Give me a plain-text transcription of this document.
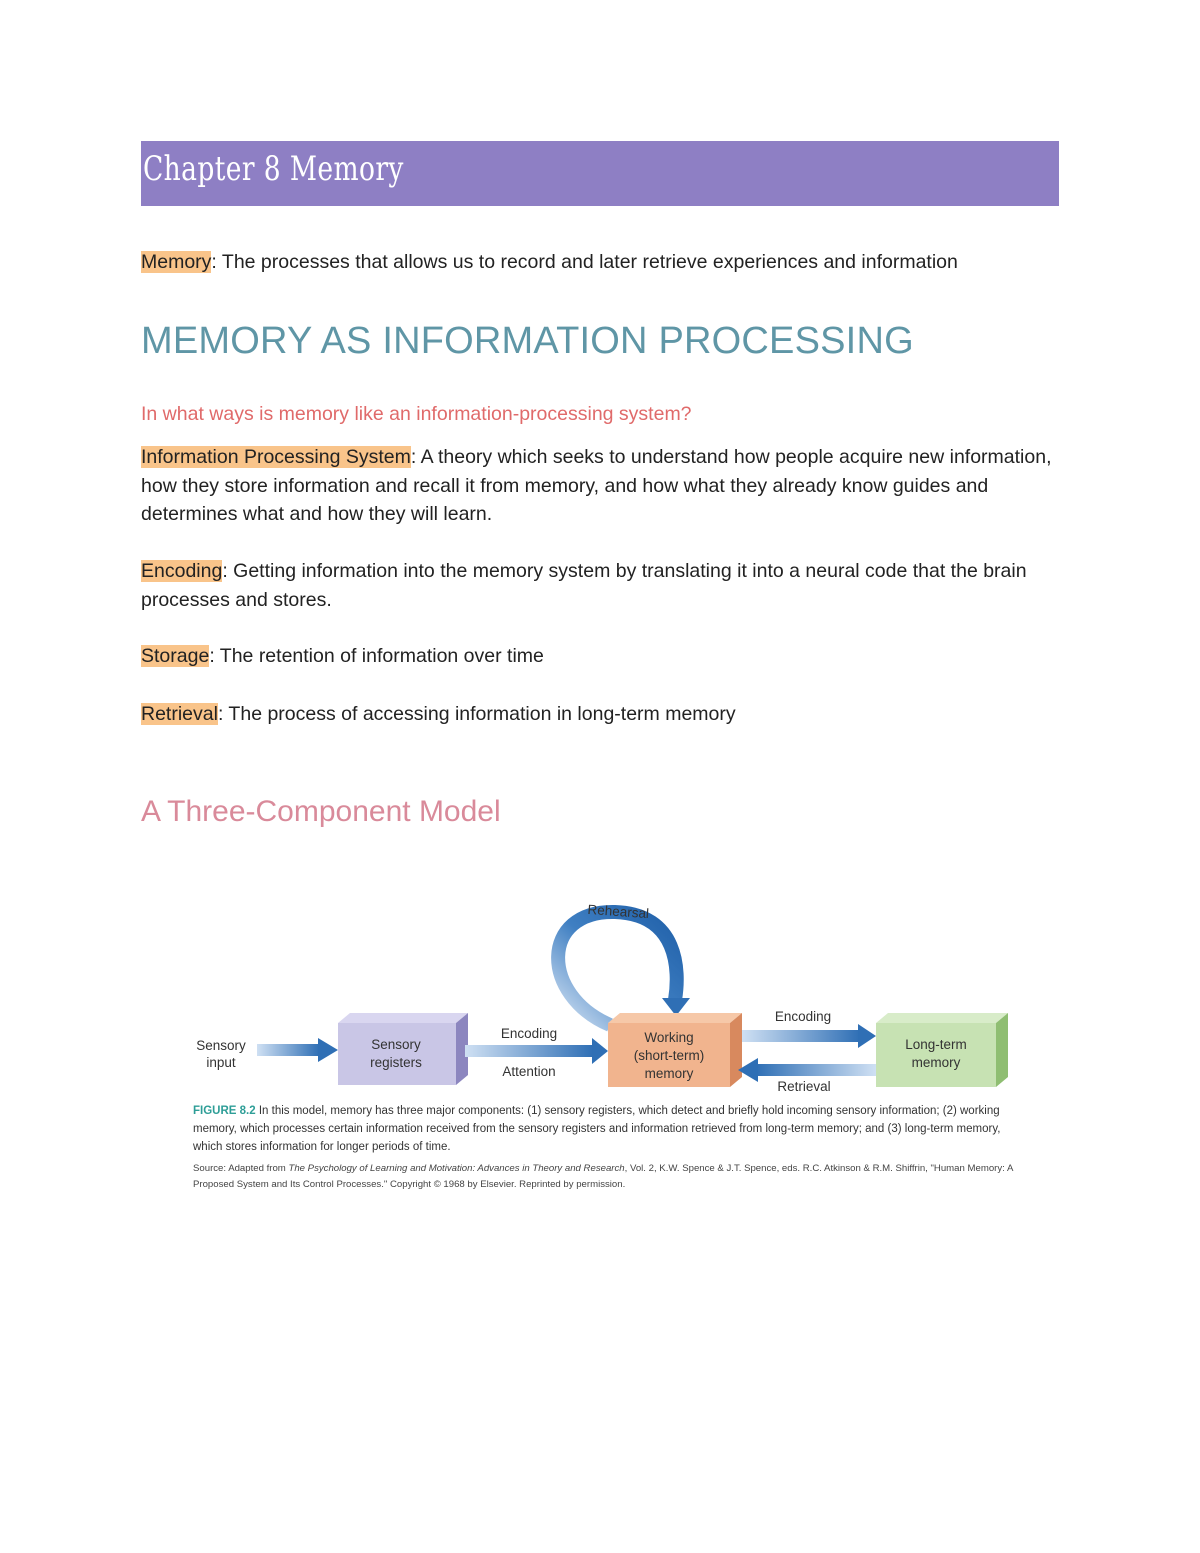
Chapter 8 Memory
Memory: The processes that allows us to record and later retrieve experiences and information
MEMORY AS INFORMATION PROCESSING
In what ways is memory like an information-processing system?
Information Processing System: A theory which seeks to understand how people acquire new information, how they store information and recall it from memory, and how what they already know guides and determines what and how they will learn.
Encoding: Getting information into the memory system by translating it into a neural code that the brain processes and stores.
Storage: The retention of information over time
Retrieval: The process of accessing information in long-term memory
A Three-Component Model
Sensory
input
Sensory
registers
Encoding
Attention
Working
(short-term)
memory
Encoding
Retrieval
Long-term
memory
Rehearsal
FIGURE 8.2 In this model, memory has three major components: (1) sensory registers, which detect and briefly hold incoming sensory information; (2) working memory, which processes certain information received from the sensory registers and information retrieved from long-term memory; and (3) long-term memory, which stores information for longer periods of time.
Source: Adapted from The Psychology of Learning and Motivation: Advances in Theory and Research, Vol. 2, K.W. Spence & J.T. Spence, eds. R.C. Atkinson & R.M. Shiffrin, "Human Memory: A Proposed System and Its Control Processes." Copyright © 1968 by Elsevier. Reprinted by permission.
